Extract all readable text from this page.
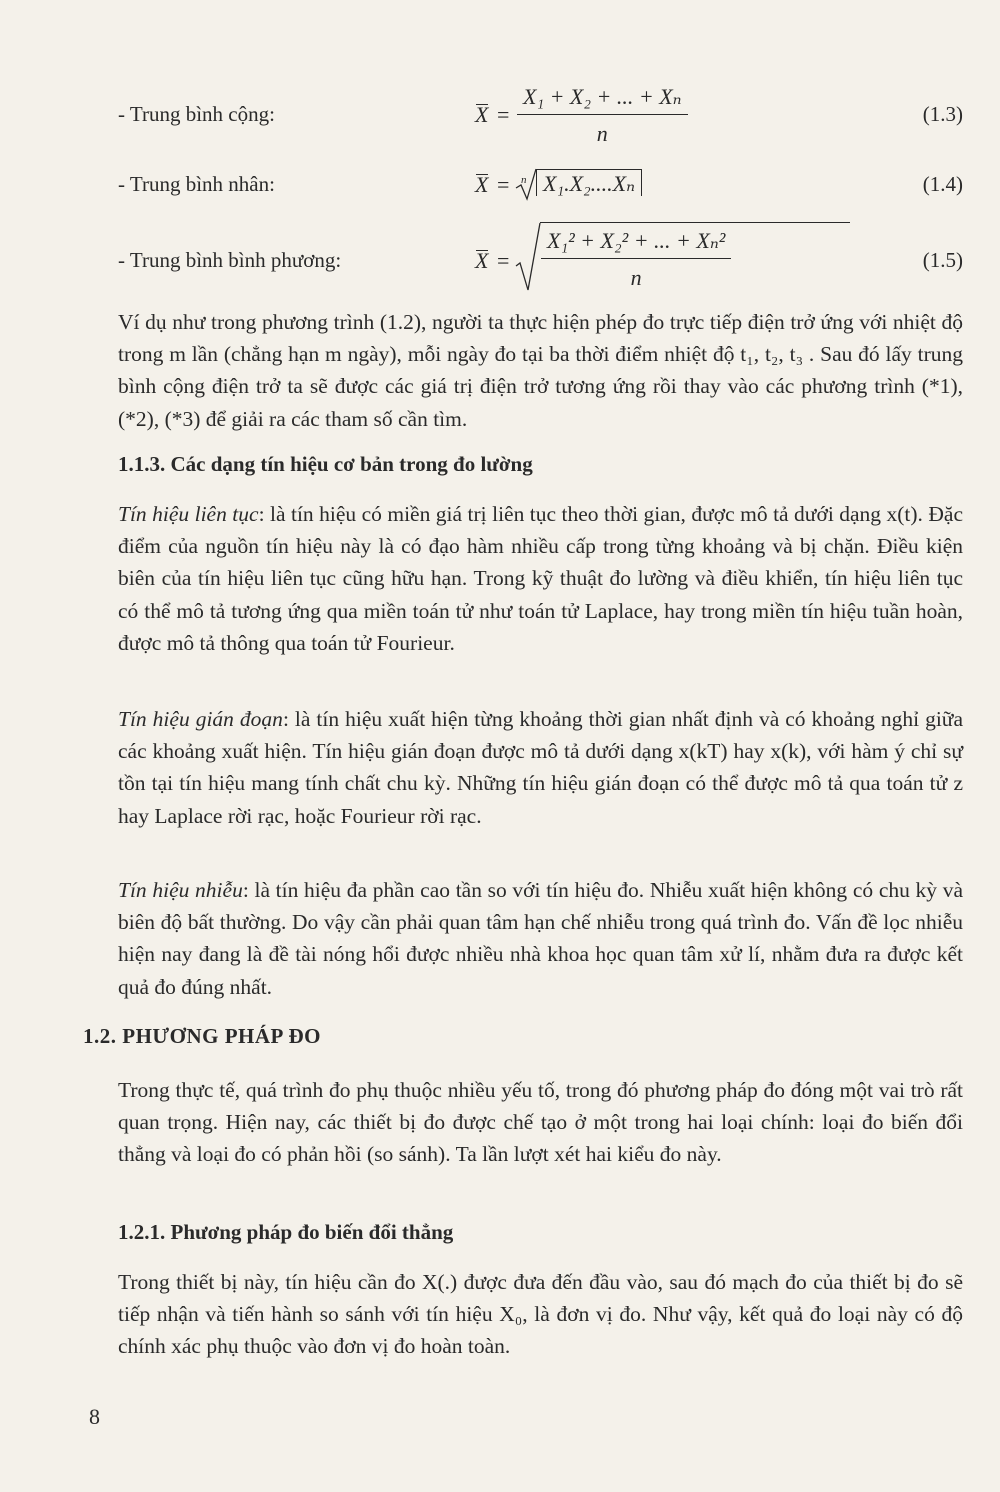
- Trung bình cộng:	$X = \frac{\text{X₁ + X₂ + ... + Xₙ}}{n}$	(1.3)
- Trung bình nhân:	X = n X₁.X₂....Xₙ	(1.4)
- Trung bình bình phương:	$X = \frac{\text{X₁² + X₂² + ... + Xₙ²}}{n}$	(1.5)

Ví dụ như trong phương trình (1.2), người ta thực hiện phép đo trực tiếp điện trở ứng với nhiệt độ trong m lần (chẳng hạn m ngày), mỗi ngày đo tại ba thời điểm nhiệt độ t₁, t₂, t₃ . Sau đó lấy trung bình cộng điện trở ta sẽ được các giá trị điện trở tương ứng rồi thay vào các phương trình (*1), (*2), (*3) để giải ra các tham số cần tìm.

1.1.3. Các dạng tín hiệu cơ bản trong đo lường

Tín hiệu liên tục: là tín hiệu có miền giá trị liên tục theo thời gian, được mô tả dưới dạng x(t). Đặc điểm của nguồn tín hiệu này là có đạo hàm nhiều cấp trong từng khoảng và bị chặn. Điều kiện biên của tín hiệu liên tục cũng hữu hạn. Trong kỹ thuật đo lường và điều khiển, tín hiệu liên tục có thể mô tả tương ứng qua miền toán tử như toán tử Laplace, hay trong miền tín hiệu tuần hoàn, được mô tả thông qua toán tử Fourieur.

Tín hiệu gián đoạn: là tín hiệu xuất hiện từng khoảng thời gian nhất định và có khoảng nghỉ giữa các khoảng xuất hiện. Tín hiệu gián đoạn được mô tả dưới dạng x(kT) hay x(k), với hàm ý chỉ sự tồn tại tín hiệu mang tính chất chu kỳ. Những tín hiệu gián đoạn có thể được mô tả qua toán tử z hay Laplace rời rạc, hoặc Fourieur rời rạc.

Tín hiệu nhiễu: là tín hiệu đa phần cao tần so với tín hiệu đo. Nhiễu xuất hiện không có chu kỳ và biên độ bất thường. Do vậy cần phải quan tâm hạn chế nhiễu trong quá trình đo. Vấn đề lọc nhiễu hiện nay đang là đề tài nóng hổi được nhiều nhà khoa học quan tâm xử lí, nhằm đưa ra được kết quả đo đúng nhất.

1.2. PHƯƠNG PHÁP ĐO

Trong thực tế, quá trình đo phụ thuộc nhiều yếu tố, trong đó phương pháp đo đóng một vai trò rất quan trọng. Hiện nay, các thiết bị đo được chế tạo ở một trong hai loại chính: loại đo biến đổi thẳng và loại đo có phản hồi (so sánh). Ta lần lượt xét hai kiểu đo này.

1.2.1. Phương pháp đo biến đổi thẳng

Trong thiết bị này, tín hiệu cần đo X(.) được đưa đến đầu vào, sau đó mạch đo của thiết bị đo sẽ tiếp nhận và tiến hành so sánh với tín hiệu X₀, là đơn vị đo. Như vậy, kết quả đo loại này có độ chính xác phụ thuộc vào đơn vị đo hoàn toàn.

8
